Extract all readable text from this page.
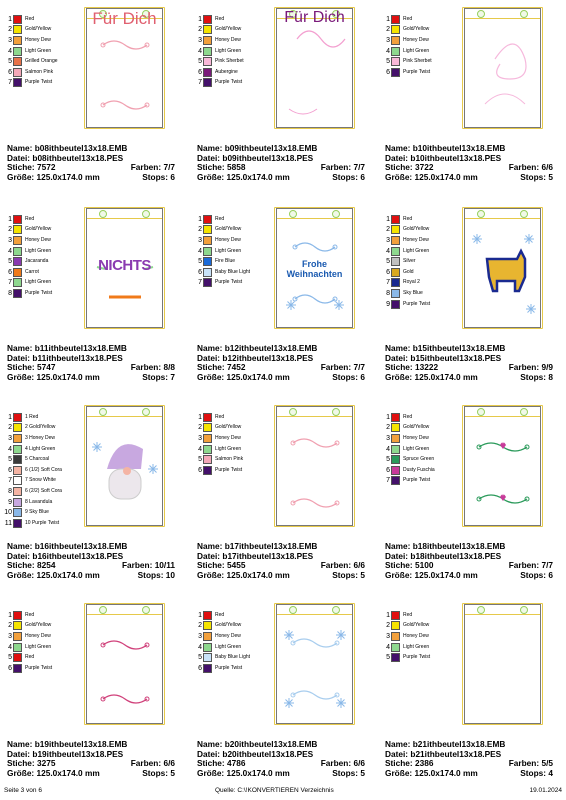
1	Red
2	Gold/Yellow
3	Honey Dew
4	Light Green
5	Grilled Orange
6	Salmon Pink
7	Purple Twist
Für Dich
Name: b08ithbeutel13x18.EMB
Datei: b08ithbeutel13x18.PES
Stiche: 7572	Farben: 7/7
Größe: 125.0x174.0 mm	Stops: 6
1	Red
2	Gold/Yellow
3	Honey Dew
4	Light Green
5	Pink Sherbet
6	Aubergine
7	Purple Twist
Für Dich
Name: b09ithbeutel13x18.EMB
Datei: b09ithbeutel13x18.PES
Stiche: 5858	Farben: 7/7
Größe: 125.0x174.0 mm	Stops: 6
1	Red
2	Gold/Yellow
3	Honey Dew
4	Light Green
5	Pink Sherbet
6	Purple Twist
Name: b10ithbeutel13x18.EMB
Datei: b10ithbeutel13x18.PES
Stiche: 3722	Farben: 6/6
Größe: 125.0x174.0 mm	Stops: 5
1	Red
2	Gold/Yellow
3	Honey Dew
4	Light Green
5	Jacaranda
6	Carrot
7	Light Green
8	Purple Twist
NICHTS
Name: b11ithbeutel13x18.EMB
Datei: b11ithbeutel13x18.PES
Stiche: 5747	Farben: 8/8
Größe: 125.0x174.0 mm	Stops: 7
1	Red
2	Gold/Yellow
3	Honey Dew
4	Light Green
5	Fire Blue
6	Baby Blue Light
7	Purple Twist
Frohe Weihnachten
Name: b12ithbeutel13x18.EMB
Datei: b12ithbeutel13x18.PES
Stiche: 7452	Farben: 7/7
Größe: 125.0x174.0 mm	Stops: 6
1	Red
2	Gold/Yellow
3	Honey Dew
4	Light Green
5	Silver
6	Gold
7	Royal 2
8	Sky Blue
9	Purple Twist
Name: b15ithbeutel13x18.EMB
Datei: b15ithbeutel13x18.PES
Stiche: 13222	Farben: 9/9
Größe: 125.0x174.0 mm	Stops: 8
1	1 Red
2	2 Gold/Yellow
3	3 Honey Dew
4	4 Light Green
5	5 Charcoal
6	6 (1/2) Soft Cora
7	7 Snow White
8	6 (2/2) Soft Cora
9	8 Lavandula
10	9 Sky Blue
11	10 Purple Twist
Name: b16ithbeutel13x18.EMB
Datei: b16ithbeutel13x18.PES
Stiche: 8254	Farben: 10/11
Größe: 125.0x174.0 mm	Stops: 10
1	Red
2	Gold/Yellow
3	Honey Dew
4	Light Green
5	Salmon Pink
6	Purple Twist
Name: b17ithbeutel13x18.EMB
Datei: b17ithbeutel13x18.PES
Stiche: 5455	Farben: 6/6
Größe: 125.0x174.0 mm	Stops: 5
1	Red
2	Gold/Yellow
3	Honey Dew
4	Light Green
5	Spruce Green
6	Dusty Fuschia
7	Purple Twist
Name: b18ithbeutel13x18.EMB
Datei: b18ithbeutel13x18.PES
Stiche: 5100	Farben: 7/7
Größe: 125.0x174.0 mm	Stops: 6
1	Red
2	Gold/Yellow
3	Honey Dew
4	Light Green
5	Red
6	Purple Twist
Name: b19ithbeutel13x18.EMB
Datei: b19ithbeutel13x18.PES
Stiche: 3275	Farben: 6/6
Größe: 125.0x174.0 mm	Stops: 5
1	Red
2	Gold/Yellow
3	Honey Dew
4	Light Green
5	Baby Blue Light
6	Purple Twist
Name: b20ithbeutel13x18.EMB
Datei: b20ithbeutel13x18.PES
Stiche: 4786	Farben: 6/6
Größe: 125.0x174.0 mm	Stops: 5
1	Red
2	Gold/Yellow
3	Honey Dew
4	Light Green
5	Purple Twist
Name: b21ithbeutel13x18.EMB
Datei: b21ithbeutel13x18.PES
Stiche: 2386	Farben: 5/5
Größe: 125.0x174.0 mm	Stops: 4
Seite 3 von 6	Quelle: C:\!KONVERTIEREN Verzeichnis	19.01.2024
